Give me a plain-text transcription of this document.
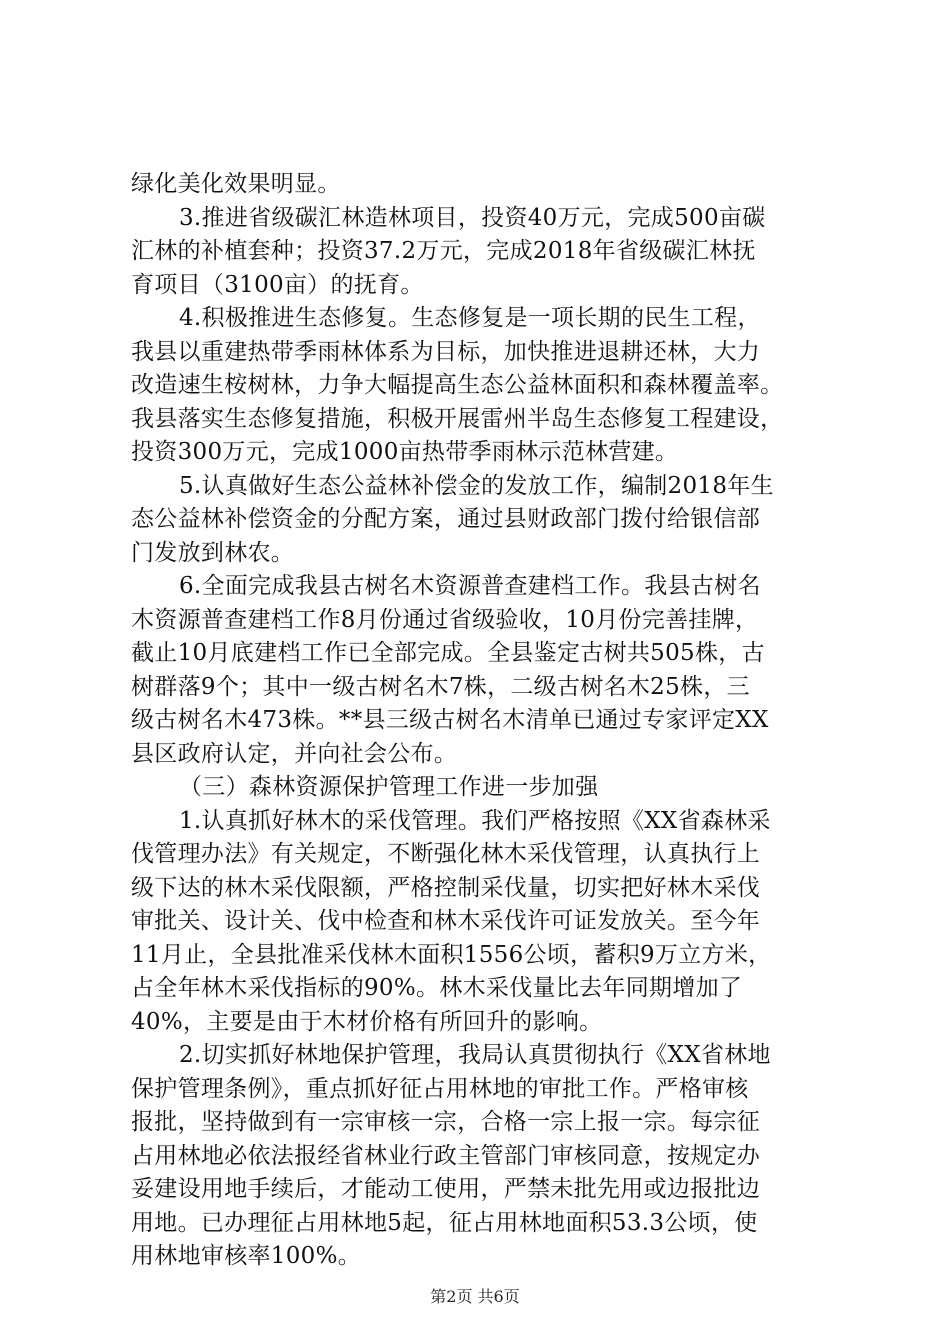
绿化美化效果明显。
3.推进省级碳汇林造林项目，投资40万元，完成500亩碳
汇林的补植套种；投资37.2万元，完成2018年省级碳汇林抚
育项目（3100亩）的抚育。
4.积极推进生态修复。生态修复是一项长期的民生工程，
我县以重建热带季雨林体系为目标，加快推进退耕还林，大力
改造速生桉树林，力争大幅提高生态公益林面积和森林覆盖率。
我县落实生态修复措施，积极开展雷州半岛生态修复工程建设，
投资300万元，完成1000亩热带季雨林示范林营建。
5.认真做好生态公益林补偿金的发放工作，编制2018年生
态公益林补偿资金的分配方案，通过县财政部门拨付给银信部
门发放到林农。
6.全面完成我县古树名木资源普查建档工作。我县古树名
木资源普查建档工作8月份通过省级验收，10月份完善挂牌，
截止10月底建档工作已全部完成。全县鉴定古树共505株，古
树群落9个；其中一级古树名木7株，二级古树名木25株，三
级古树名木473株。**县三级古树名木清单已通过专家评定XX
县区政府认定，并向社会公布。
（三）森林资源保护管理工作进一步加强
1.认真抓好林木的采伐管理。我们严格按照《XX省森林采
伐管理办法》有关规定，不断强化林木采伐管理，认真执行上
级下达的林木采伐限额，严格控制采伐量，切实把好林木采伐
审批关、设计关、伐中检查和林木采伐许可证发放关。至今年
11月止，全县批准采伐林木面积1556公顷，蓄积9万立方米，
占全年林木采伐指标的90%。林木采伐量比去年同期增加了
40%，主要是由于木材价格有所回升的影响。
2.切实抓好林地保护管理，我局认真贯彻执行《XX省林地
保护管理条例》，重点抓好征占用林地的审批工作。严格审核
报批，坚持做到有一宗审核一宗，合格一宗上报一宗。每宗征
占用林地必依法报经省林业行政主管部门审核同意，按规定办
妥建设用地手续后，才能动工使用，严禁未批先用或边报批边
用地。已办理征占用林地5起，征占用林地面积53.3公顷，使
用林地审核率100%。
第2页 共6页
